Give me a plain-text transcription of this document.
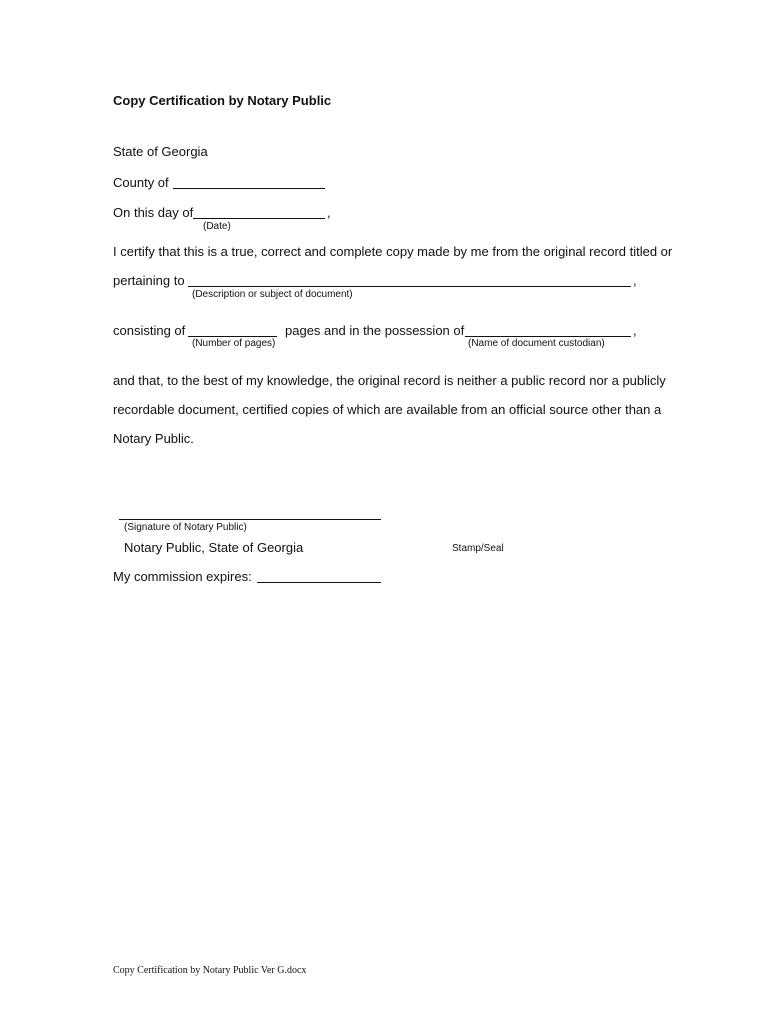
Copy Certification by Notary Public
State of Georgia
County of
On this day of	,
(Date)
I certify that this is a true, correct and complete copy made by me from the original record titled or
pertaining to	,
(Description or subject of document)
consisting of	pages and in the possession of	,
(Number of pages)	(Name of document custodian)
and that, to the best of my knowledge, the original record is neither a public record nor a publicly
recordable document, certified copies of which are available from an official source other than a
Notary Public.
(Signature of Notary Public)
Notary Public, State of Georgia	Stamp/Seal
My commission expires:
Copy Certification by Notary Public Ver G.docx
